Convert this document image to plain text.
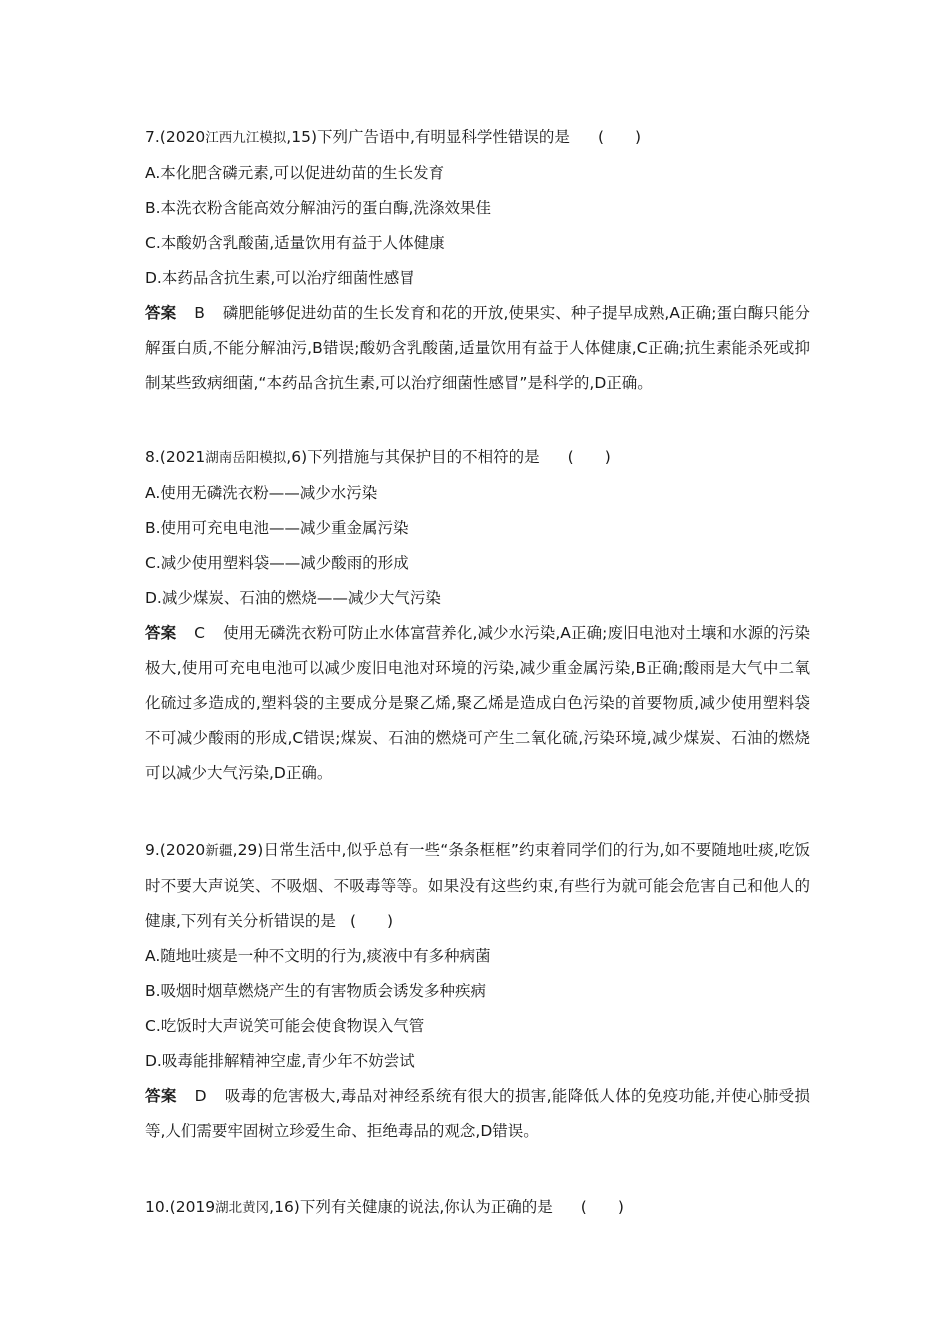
7.(2020江西九江模拟,15)下列广告语中,有明显科学性错误的是 (　　)
A.本化肥含磷元素,可以促进幼苗的生长发育
B.本洗衣粉含能高效分解油污的蛋白酶,洗涤效果佳
C.本酸奶含乳酸菌,适量饮用有益于人体健康
D.本药品含抗生素,可以治疗细菌性感冒
答案 B 磷肥能够促进幼苗的生长发育和花的开放,使果实、种子提早成熟,A正确;蛋白酶只能分解蛋白质,不能分解油污,B错误;酸奶含乳酸菌,适量饮用有益于人体健康,C正确;抗生素能杀死或抑制某些致病细菌,“本药品含抗生素,可以治疗细菌性感冒”是科学的,D正确。
8.(2021湖南岳阳模拟,6)下列措施与其保护目的不相符的是 (　　)
A.使用无磷洗衣粉——减少水污染
B.使用可充电电池——减少重金属污染
C.减少使用塑料袋——减少酸雨的形成
D.减少煤炭、石油的燃烧——减少大气污染
答案 C 使用无磷洗衣粉可防止水体富营养化,减少水污染,A正确;废旧电池对土壤和水源的污染极大,使用可充电电池可以减少废旧电池对环境的污染,减少重金属污染,B正确;酸雨是大气中二氧化硫过多造成的,塑料袋的主要成分是聚乙烯,聚乙烯是造成白色污染的首要物质,减少使用塑料袋不可减少酸雨的形成,C错误;煤炭、石油的燃烧可产生二氧化硫,污染环境,减少煤炭、石油的燃烧可以减少大气污染,D正确。
9.(2020新疆,29)日常生活中,似乎总有一些“条条框框”约束着同学们的行为,如不要随地吐痰,吃饭时不要大声说笑、不吸烟、不吸毒等等。如果没有这些约束,有些行为就可能会危害自己和他人的健康,下列有关分析错误的是 (　　)
A.随地吐痰是一种不文明的行为,痰液中有多种病菌
B.吸烟时烟草燃烧产生的有害物质会诱发多种疾病
C.吃饭时大声说笑可能会使食物误入气管
D.吸毒能排解精神空虚,青少年不妨尝试
答案 D 吸毒的危害极大,毒品对神经系统有很大的损害,能降低人体的免疫功能,并使心肺受损等,人们需要牢固树立珍爱生命、拒绝毒品的观念,D错误。
10.(2019湖北黄冈,16)下列有关健康的说法,你认为正确的是 (　　)
